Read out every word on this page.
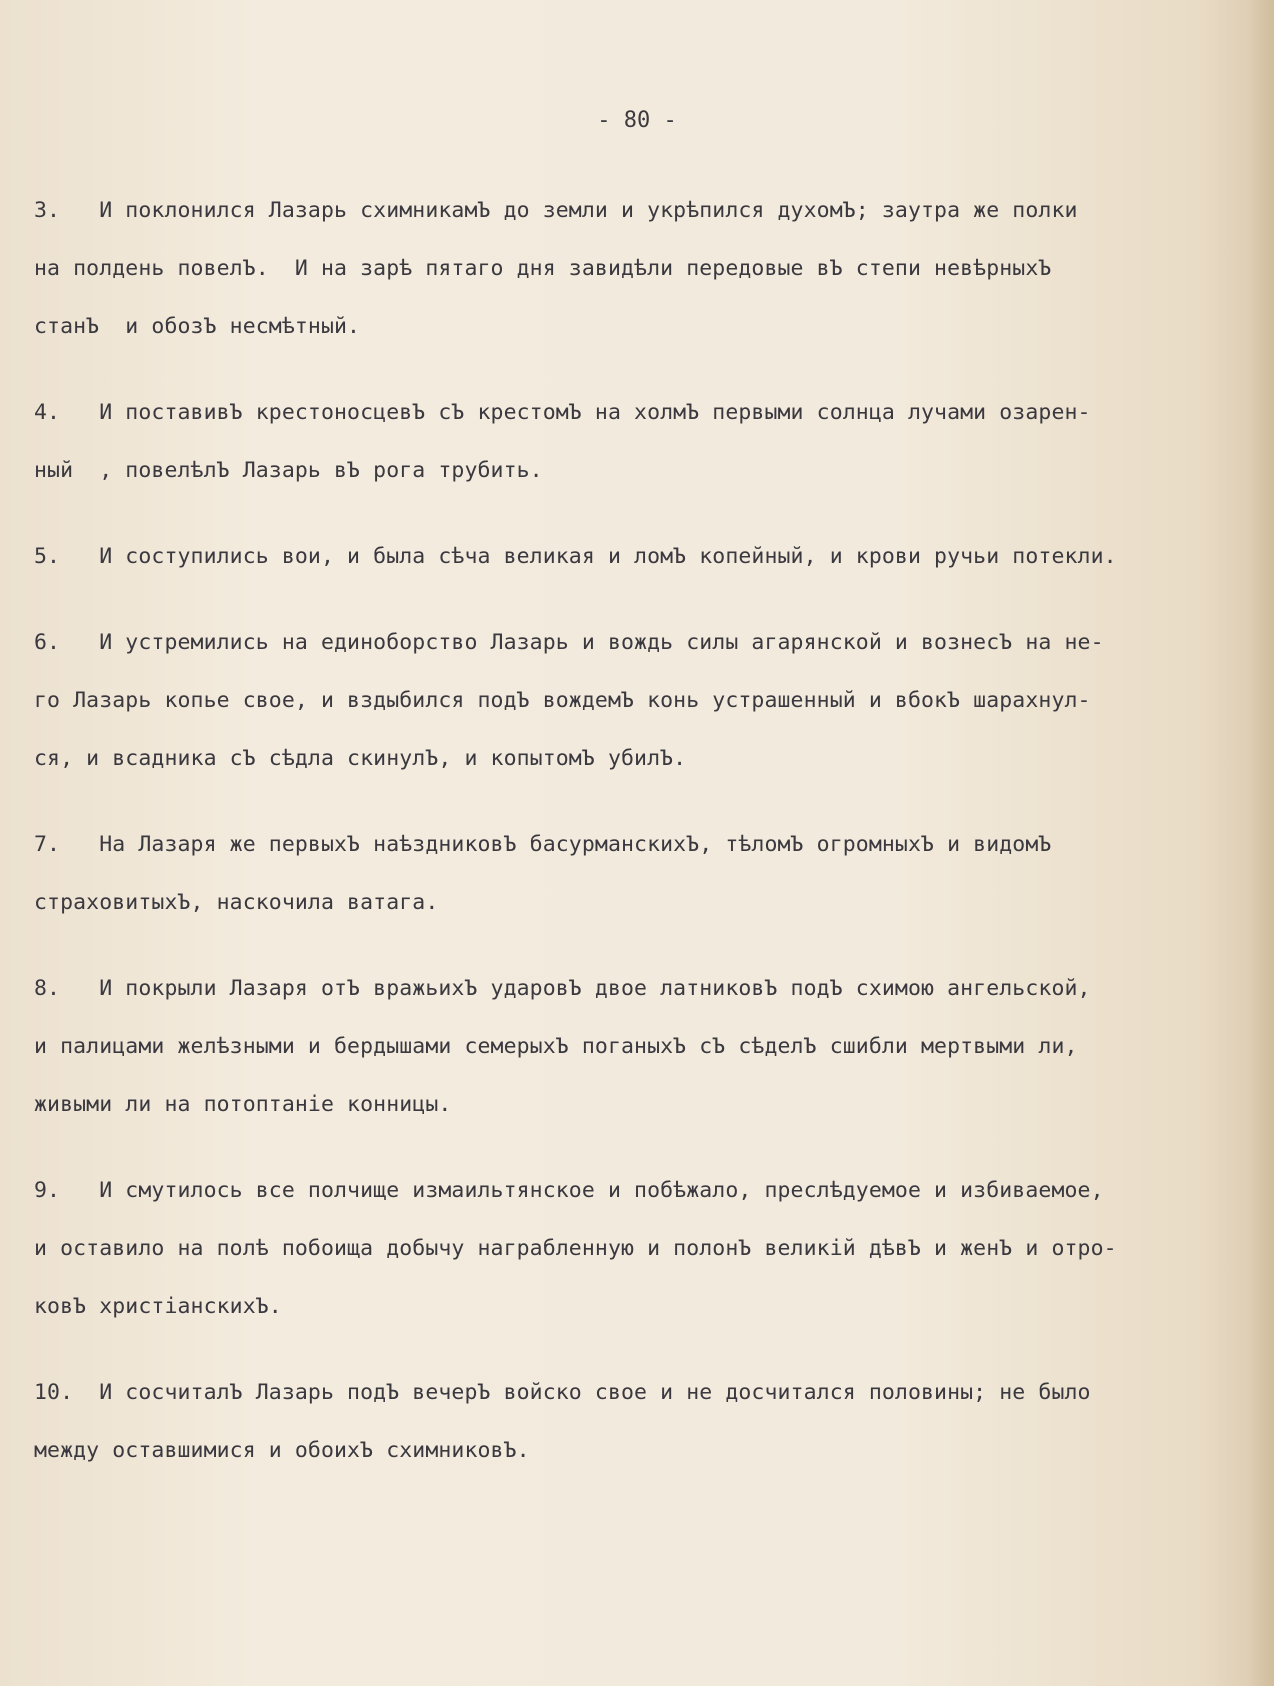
- 80 -
3.   И поклонился Лазарь схимникамЪ до земли и укрѣпился духомЪ; заутра же полки
на полдень повелЪ.  И на зарѣ пятаго дня завидѣли передовые вЪ степи невѣрныхЪ
станЪ  и обозЪ несмѣтный.
4.   И поставивЪ крестоносцевЪ сЪ крестомЪ на холмЪ первыми солнца лучами озарен-
ный  , повелѣлЪ Лазарь вЪ рога трубить.
5.   И соступились вои, и была сѣча великая и ломЪ копейный, и крови ручьи потекли.
6.   И устремились на единоборство Лазарь и вождь силы агарянской и вознесЪ на не-
го Лазарь копье свое, и вздыбился подЪ вождемЪ конь устрашенный и вбокЪ шарахнул-
ся, и всадника сЪ сѣдла скинулЪ, и копытомЪ убилЪ.
7.   На Лазаря же первыхЪ наѣздниковЪ басурманскихЪ, тѣломЪ огромныхЪ и видомЪ
страховитыхЪ, наскочила ватага.
8.   И покрыли Лазаря отЪ вражьихЪ ударовЪ двое латниковЪ подЪ схимою ангельской,
и палицами желѣзными и бердышами семерыхЪ поганыхЪ сЪ сѣделЪ сшибли мертвыми ли,
живыми ли на потоптанiе конницы.
9.   И смутилось все полчище измаильтянское и побѣжало, преслѣдуемое и избиваемое,
и оставило на полѣ побоища добычу награбленную и полонЪ великiй дѣвЪ и женЪ и отро-
ковЪ христiанскихЪ.
10.  И сосчиталЪ Лазарь подЪ вечерЪ войско свое и не досчитался половины; не было
между оставшимися и обоихЪ схимниковЪ.
